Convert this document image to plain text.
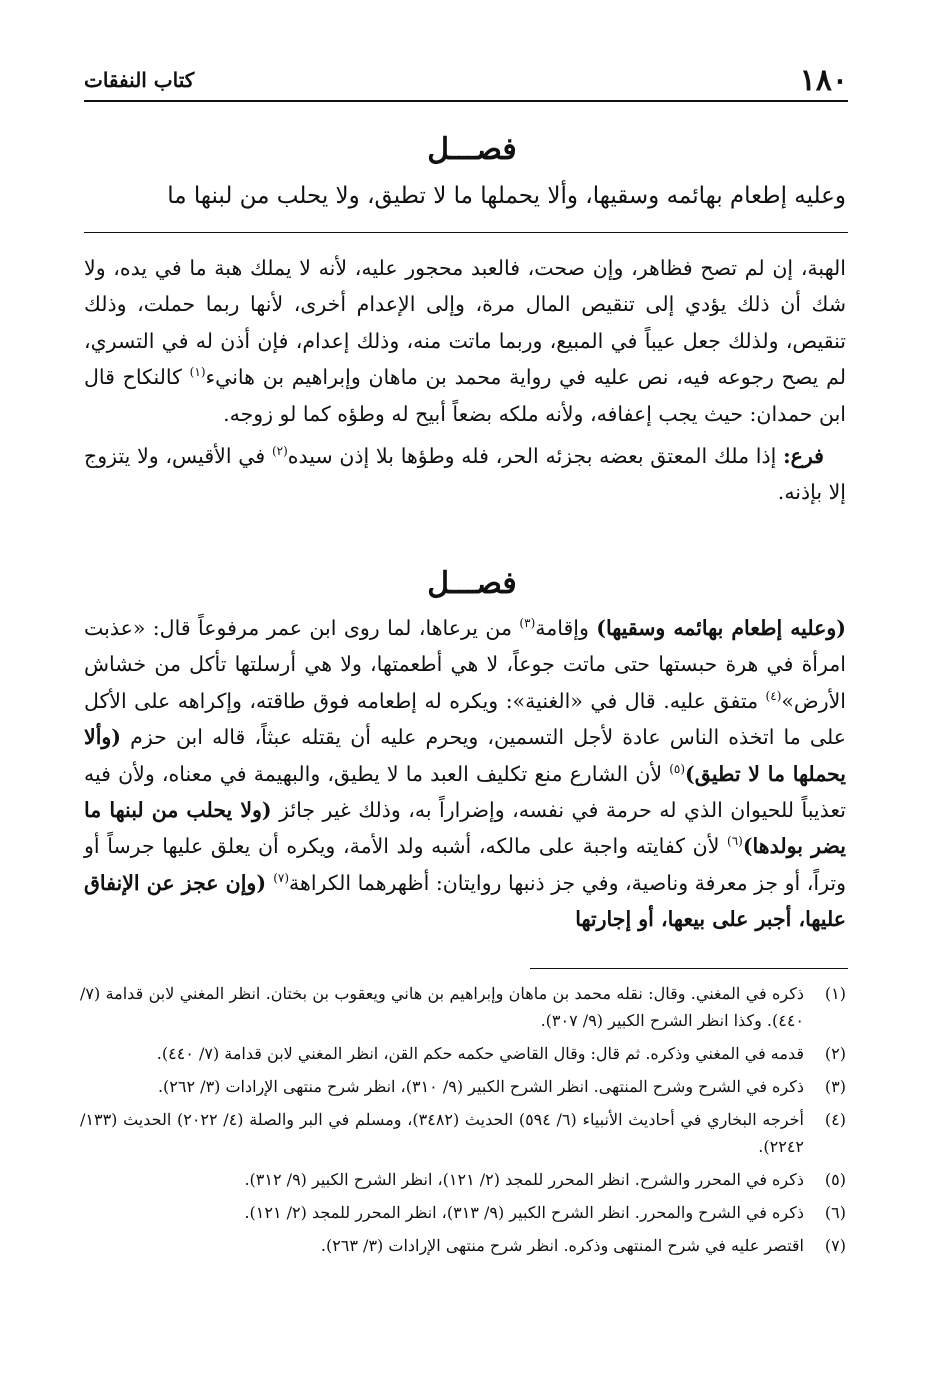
١٨٠
كتاب النفقات
فصـــل
وعليه إطعام بهائمه وسقيها، وألا يحملها ما لا تطيق، ولا يحلب من لبنها ما

الهبة، إن لم تصح فظاهر، وإن صحت، فالعبد محجور عليه، لأنه لا يملك هبة ما في يده، ولا شك أن ذلك يؤدي إلى تنقيص المال مرة، وإلى الإعدام أخرى، لأنها ربما حملت، وذلك تنقيص، ولذلك جعل عيباً في المبيع، وربما ماتت منه، وذلك إعدام، فإن أذن له في التسري، لم يصح رجوعه فيه، نص عليه في رواية محمد بن ماهان وإبراهيم بن هانيء$^{(١)}$ كالنكاح قال ابن حمدان: حيث يجب إعفافه، ولأنه ملكه بضعاً أبيح له وطؤه كما لو زوجه.

فرع: إذا ملك المعتق بعضه بجزئه الحر، فله وطؤها بلا إذن سيده$^{(٢)}$ في الأقيس، ولا يتزوج إلا بإذنه.

فصـــل

(وعليه إطعام بهائمه وسقيها) وإقامة$^{(٣)}$ من يرعاها، لما روى ابن عمر مرفوعاً قال: «عذبت امرأة في هرة حبستها حتى ماتت جوعاً، لا هي أطعمتها، ولا هي أرسلتها تأكل من خشاش الأرض»$^{(٤)}$ متفق عليه. قال في «الغنية»: ويكره له إطعامه فوق طاقته، وإكراهه على الأكل على ما اتخذه الناس عادة لأجل التسمين، ويحرم عليه أن يقتله عبثاً، قاله ابن حزم (وألا يحملها ما لا تطيق)$^{(٥)}$ لأن الشارع منع تكليف العبد ما لا يطيق، والبهيمة في معناه، ولأن فيه تعذيباً للحيوان الذي له حرمة في نفسه، وإضراراً به، وذلك غير جائز (ولا يحلب من لبنها ما يضر بولدها)$^{(٦)}$ لأن كفايته واجبة على مالكه، أشبه ولد الأمة، ويكره أن يعلق عليها جرساً أو وتراً، أو جز معرفة وناصية، وفي جز ذنبها روايتان: أظهرهما الكراهة$^{(٧)}$ (وإن عجز عن الإنفاق عليها، أجبر على بيعها، أو إجارتها

(١)
ذكره في المغني. وقال: نقله محمد بن ماهان وإبراهيم بن هاني ويعقوب بن بختان. انظر المغني لابن قدامة (٧/ ٤٤٠). وكذا انظر الشرح الكبير (٩/ ٣٠٧).
(٢)
قدمه في المغني وذكره. ثم قال: وقال القاضي حكمه حكم القن، انظر المغني لابن قدامة (٧/ ٤٤٠).
(٣)
ذكره في الشرح وشرح المنتهى. انظر الشرح الكبير (٩/ ٣١٠)، انظر شرح منتهى الإرادات (٣/ ٢٦٢).
(٤)
أخرجه البخاري في أحاديث الأنبياء (٦/ ٥٩٤) الحديث (٣٤٨٢)، ومسلم في البر والصلة (٤/ ٢٠٢٢) الحديث (١٣٣/ ٢٢٤٢).
(٥)
ذكره في المحرر والشرح. انظر المحرر للمجد (٢/ ١٢١)، انظر الشرح الكبير (٩/ ٣١٢).
(٦)
ذكره في الشرح والمحرر. انظر الشرح الكبير (٩/ ٣١٣)، انظر المحرر للمجد (٢/ ١٢١).
(٧)
اقتصر عليه في شرح المنتهى وذكره. انظر شرح منتهى الإرادات (٣/ ٢٦٣).
